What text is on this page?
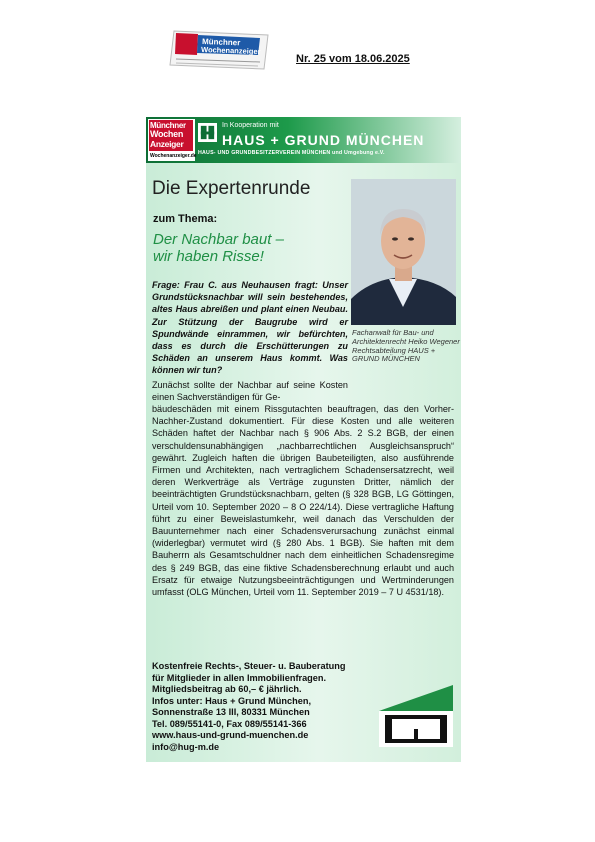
Münchner
Wochenanzeiger
Nr. 25 vom 18.06.2025
Münchner
Wochen
Anzeiger
Wochenanzeiger.de
In Kooperation mit
HAUS + GRUND MÜNCHEN
HAUS- UND GRUNDBESITZERVEREIN MÜNCHEN und Umgebung e.V.
Die Expertenrunde
zum Thema:
Der Nachbar baut –
wir haben Risse!
Fachanwalt für Bau- und Architektenrecht Heiko Wegener Rechtsabteilung HAUS + GRUND MÜNCHEN
Frage: Frau C. aus Neuhausen fragt: Unser Grundstücksnachbar will sein bestehendes, altes Haus abreißen und plant einen Neubau. Zur Stützung der Baugrube wird er Spundwände einrammen, wir befürchten, dass es durch die Erschütterungen zu Schäden an unserem Haus kommt. Was können wir tun?
Zunächst sollte der Nachbar auf seine Kosten einen Sachverständigen für Ge-
bäudeschäden mit einem Rissgutachten beauftragen, das den Vorher-Nachher-Zustand dokumentiert. Für diese Kosten und alle weiteren Schäden haftet der Nachbar nach § 906 Abs. 2 S.2 BGB, der einen verschuldensunabhängigen „nachbarrechtlichen Ausgleichsanspruch“ gewährt. Zugleich haften die übrigen Baubeteiligten, also ausführende Firmen und Architekten, nach vertraglichem Schadensersatzrecht, weil deren Werkverträge als Verträge zugunsten Dritter, nämlich der beeinträchtigten Grundstücksnachbarn, gelten (§ 328 BGB, LG Göttingen, Urteil vom 10. September 2020 – 8 O 224/14). Diese vertragliche Haftung führt zu einer Beweislastumkehr, weil danach das Verschulden der Bauunternehmer nach einer Schadensverursachung zunächst einmal (widerlegbar) vermutet wird (§ 280 Abs. 1 BGB). Sie haften mit dem Bauherrn als Gesamtschuldner nach dem einheitlichen Schadensregime des § 249 BGB, das eine fiktive Schadensberechnung erlaubt und auch Ersatz für etwaige Nutzungsbeeinträchtigungen und Wertminderungen umfasst (OLG München, Urteil vom 11. September 2019 – 7 U 4531/18).
Kostenfreie Rechts-, Steuer- u. Bauberatung
für Mitglieder in allen Immobilienfragen.
Mitgliedsbeitrag ab 60,– € jährlich.
Infos unter: Haus + Grund München,
Sonnenstraße 13 III, 80331 München
Tel. 089/55141-0, Fax 089/55141-366
www.haus-und-grund-muenchen.de
info@hug-m.de
